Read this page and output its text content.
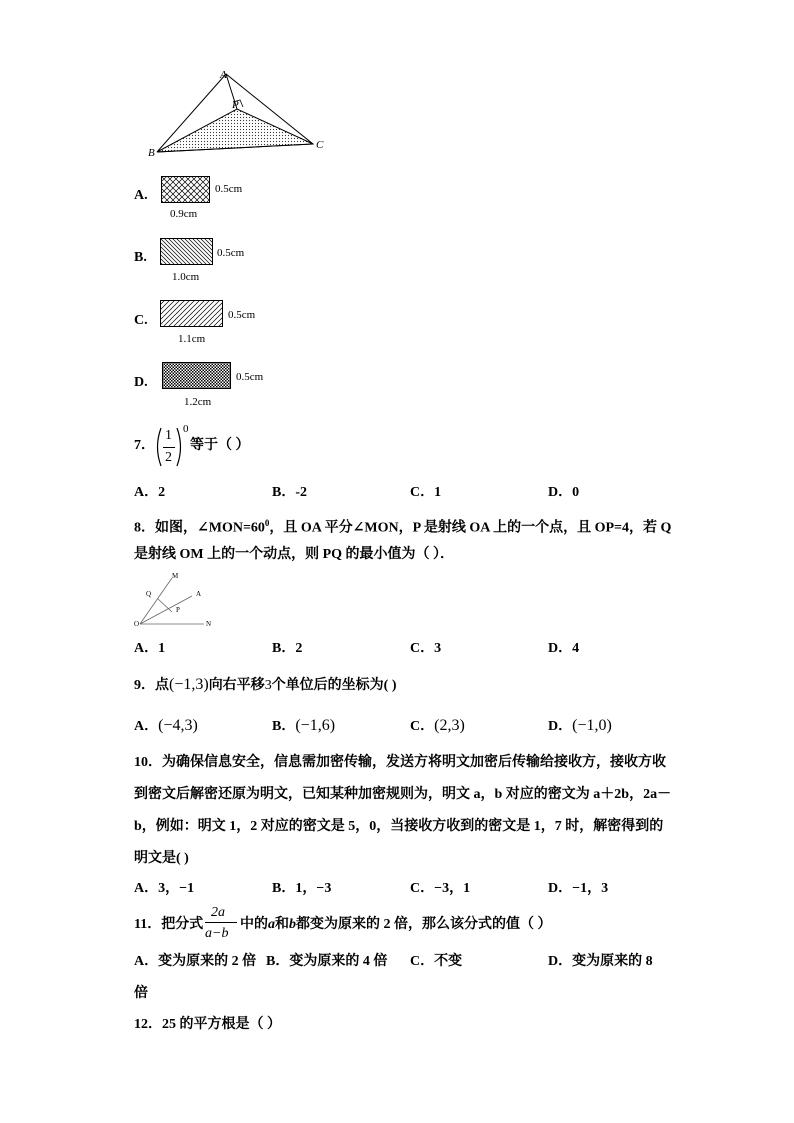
A
P
B
C
A.	0.5cm
0.9cm
B.	0.5cm
1.0cm
C.	0.5cm
1.1cm
D.	0.5cm
1.2cm
7．
1
2
0
等于（ ）
A．2	B．-2	C．1	D．0
8．如图，$\angle MON=60^0$，且 OA 平分∠MON，P 是射线 OA 上的一个点，且 OP=4，若 Q
是射线 OM 上的一个动点，则 PQ 的最小值为（ ）．
M
Q	A
P
O	N
A．1	B．2	C．3	D．4
9．点(−1,3)向右平移3个单位后的坐标为( )
A．(−4,3)	B．(−1,6)	C．(2,3)	D．(−1,0)
10．为确保信息安全，信息需加密传输，发送方将明文加密后传输给接收方，接收方收
到密文后解密还原为明文，已知某种加密规则为，明文 a，b 对应的密文为 a＋2b，2a－
b，例如：明文 1，2 对应的密文是 5，0，当接收方收到的密文是 1，7 时，解密得到的
明文是( )
A．3，−1	B．1，−3	C．−3，1	D．−1，3
11．把分式
2a
a−b
中的a和b都变为原来的 2 倍，那么该分式的值（ ）
A．变为原来的 2 倍 B．变为原来的 4 倍 C．不变	D．变为原来的 8
倍
12．25 的平方根是（ ）
